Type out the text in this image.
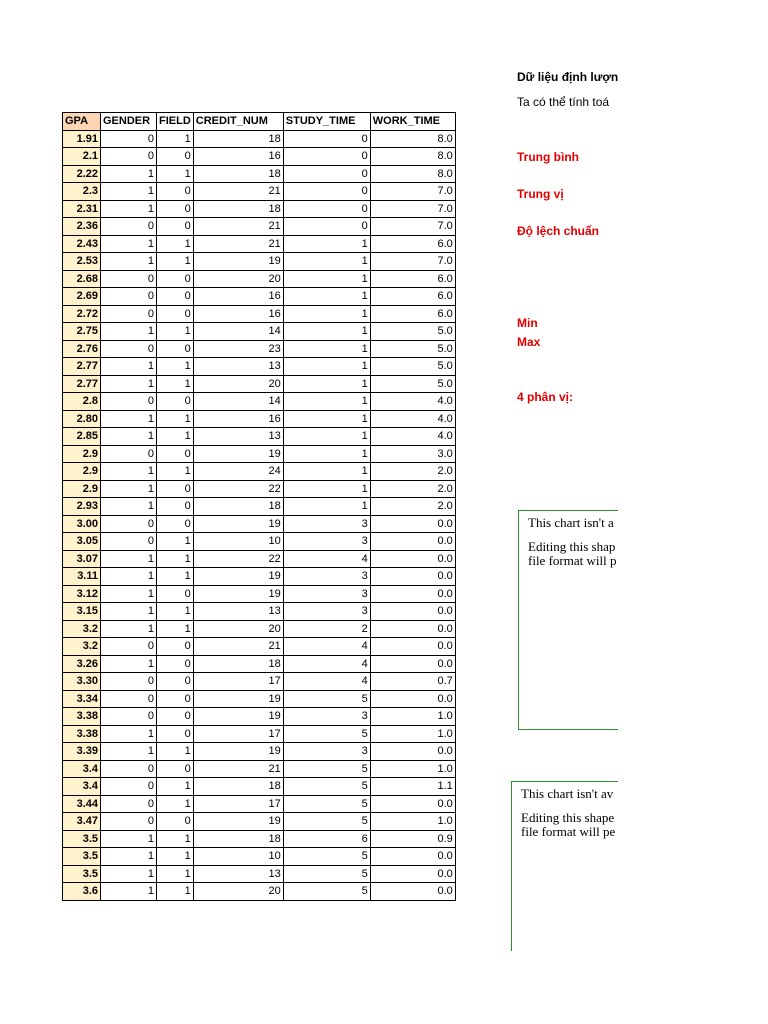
GPA	GENDER	FIELD	CREDIT_NUM	STUDY_TIME	WORK_TIME
1.91	0	1	18	0	8.0
2.1	0	0	16	0	8.0
2.22	1	1	18	0	8.0
2.3	1	0	21	0	7.0
2.31	1	0	18	0	7.0
2.36	0	0	21	0	7.0
2.43	1	1	21	1	6.0
2.53	1	1	19	1	7.0
2.68	0	0	20	1	6.0
2.69	0	0	16	1	6.0
2.72	0	0	16	1	6.0
2.75	1	1	14	1	5.0
2.76	0	0	23	1	5.0
2.77	1	1	13	1	5.0
2.77	1	1	20	1	5.0
2.8	0	0	14	1	4.0
2.80	1	1	16	1	4.0
2.85	1	1	13	1	4.0
2.9	0	0	19	1	3.0
2.9	1	1	24	1	2.0
2.9	1	0	22	1	2.0
2.93	1	0	18	1	2.0
3.00	0	0	19	3	0.0
3.05	0	1	10	3	0.0
3.07	1	1	22	4	0.0
3.11	1	1	19	3	0.0
3.12	1	0	19	3	0.0
3.15	1	1	13	3	0.0
3.2	1	1	20	2	0.0
3.2	0	0	21	4	0.0
3.26	1	0	18	4	0.0
3.30	0	0	17	4	0.7
3.34	0	0	19	5	0.0
3.38	0	0	19	3	1.0
3.38	1	0	17	5	1.0
3.39	1	1	19	3	0.0
3.4	0	0	21	5	1.0
3.4	0	1	18	5	1.1
3.44	0	1	17	5	0.0
3.47	0	0	19	5	1.0
3.5	1	1	18	6	0.9
3.5	1	1	10	5	0.0
3.5	1	1	13	5	0.0
3.6	1	1	20	5	0.0
Dữ liệu định lượn
Ta có thể tính toá
Trung bình
Trung vị
Độ lệch chuẩn
Min
Max
4 phân vị:
This chart isn't a
Editing this shap
file format will p
This chart isn't av
Editing this shape
file format will pe
